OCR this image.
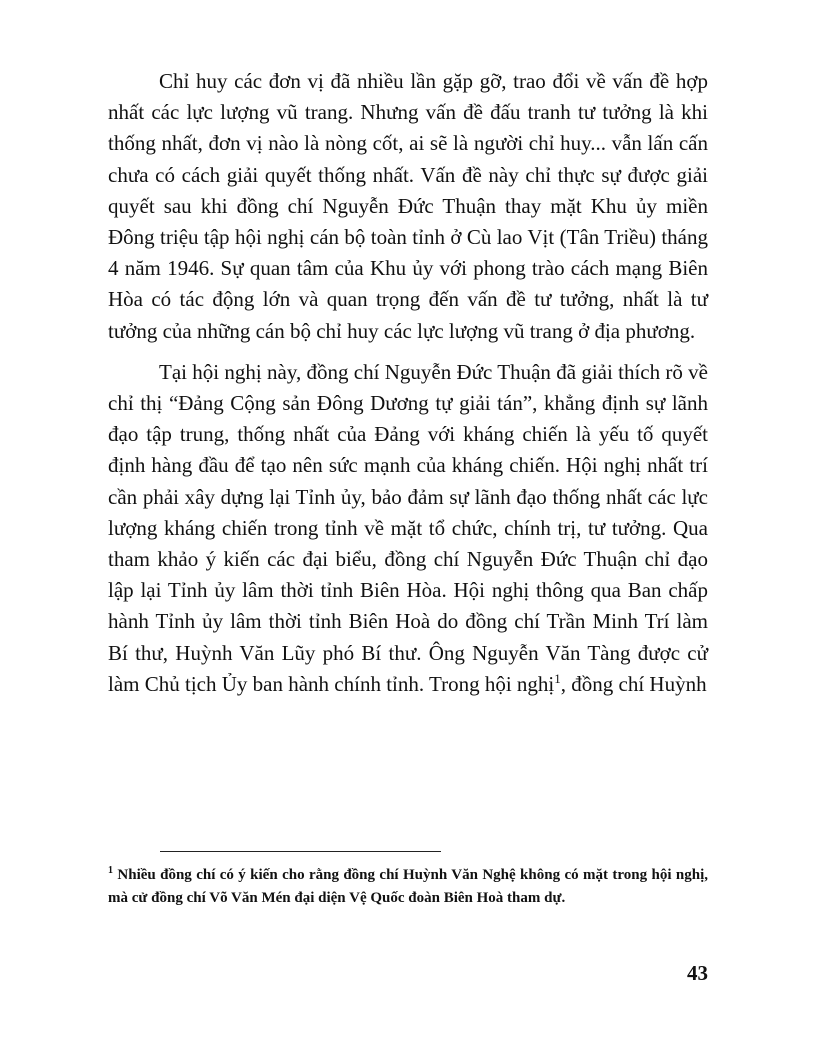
Chỉ huy các đơn vị đã nhiều lần gặp gỡ, trao đổi về vấn đề hợp nhất các lực lượng vũ trang. Nhưng vấn đề đấu tranh tư tưởng là khi thống nhất, đơn vị nào là nòng cốt, ai sẽ là người chỉ huy... vẫn lấn cấn chưa có cách giải quyết thống nhất. Vấn đề này chỉ thực sự được giải quyết sau khi đồng chí Nguyễn Đức Thuận thay mặt Khu ủy miền Đông triệu tập hội nghị cán bộ toàn tỉnh ở Cù lao Vịt (Tân Triều) tháng 4 năm 1946. Sự quan tâm của Khu ủy với phong trào cách mạng Biên Hòa có tác động lớn và quan trọng đến vấn đề tư tưởng, nhất là tư tưởng của những cán bộ chỉ huy các lực lượng vũ trang ở địa phương.

Tại hội nghị này, đồng chí Nguyễn Đức Thuận đã giải thích rõ về chỉ thị “Đảng Cộng sản Đông Dương tự giải tán”, khẳng định sự lãnh đạo tập trung, thống nhất của Đảng với kháng chiến là yếu tố quyết định hàng đầu để tạo nên sức mạnh của kháng chiến. Hội nghị nhất trí cần phải xây dựng lại Tỉnh ủy, bảo đảm sự lãnh đạo thống nhất các lực lượng kháng chiến trong tỉnh về mặt tổ chức, chính trị, tư tưởng. Qua tham khảo ý kiến các đại biểu, đồng chí Nguyễn Đức Thuận chỉ đạo lập lại Tỉnh ủy lâm thời tỉnh Biên Hòa. Hội nghị thông qua Ban chấp hành Tỉnh ủy lâm thời tỉnh Biên Hoà do đồng chí Trần Minh Trí làm Bí thư, Huỳnh Văn Lũy phó Bí thư. Ông Nguyễn Văn Tàng được cử làm Chủ tịch Ủy ban hành chính tỉnh. Trong hội nghị$^1$, đồng chí Huỳnh

$^1$ Nhiều đồng chí có ý kiến cho rằng đồng chí Huỳnh Văn Nghệ không có mặt trong hội nghị, mà cử đồng chí Võ Văn Mén đại diện Vệ Quốc đoàn Biên Hoà tham dự.
43
